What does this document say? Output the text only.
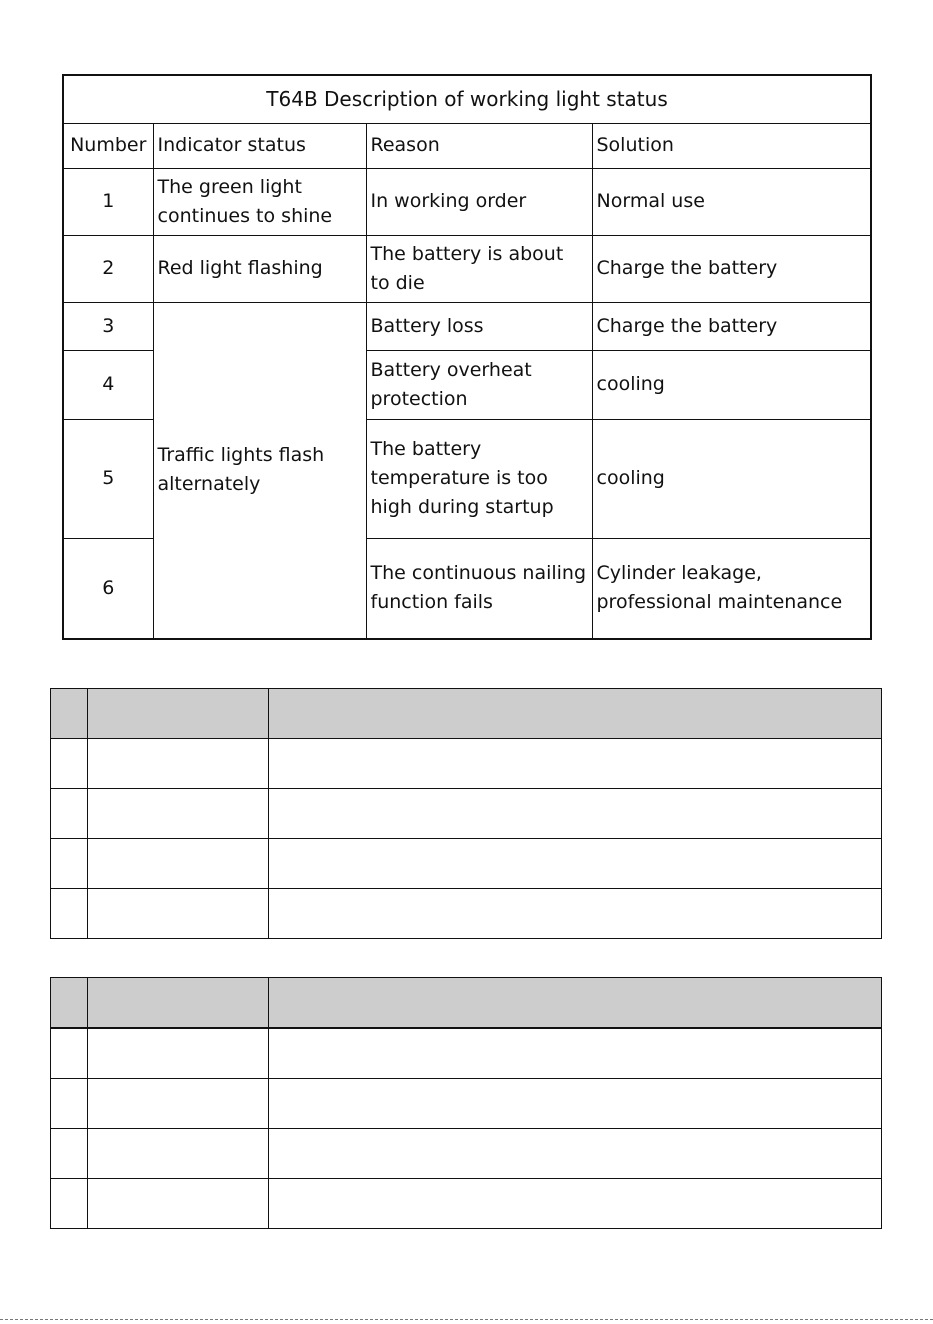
T64B Description of working light status			
Number	Indicator status	Reason	Solution
1	The green light continues to shine	In working order	Normal use
2	Red light flashing	The battery is about to die	Charge the battery
3	Traffic lights flash alternately	Battery loss	Charge the battery
4		Battery overheat protection	cooling
5		The battery temperature is too high during startup	cooling
6		The continuous nailing function fails	Cylinder leakage, professional maintenance
